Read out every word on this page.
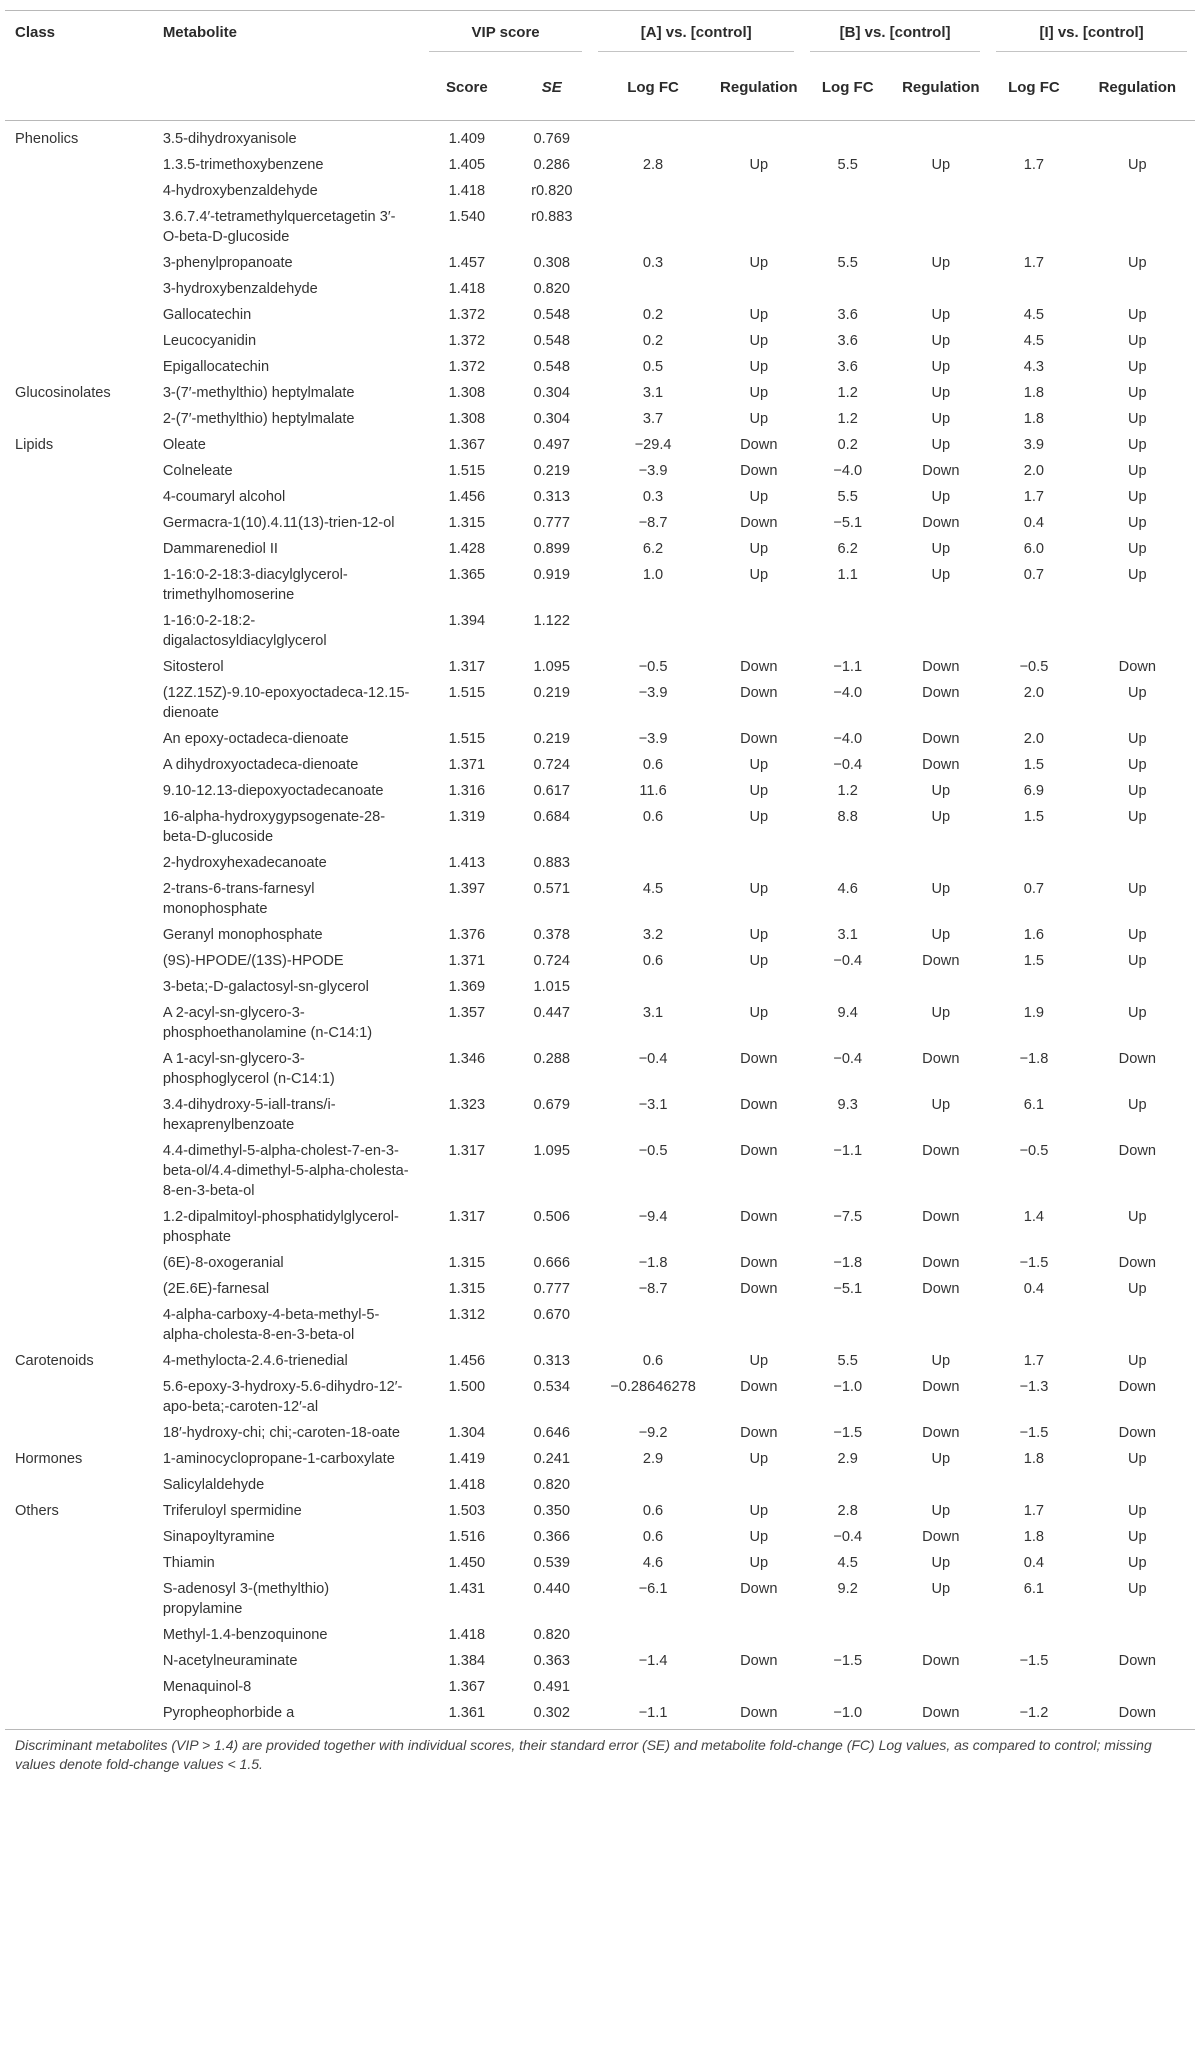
Class	Metabolite	VIP score		[A] vs. [control]		[B] vs. [control]		[I] vs. [control]	

		Score	SE	Log FC	Regulation	Log FC	Regulation	Log FC	Regulation
Phenolics	3.5-dihydroxyanisole	1.409	0.769						
	1.3.5-trimethoxybenzene	1.405	0.286	2.8	Up	5.5	Up	1.7	Up
	4-hydroxybenzaldehyde	1.418	r0.820						
	3.6.7.4′-tetramethylquercetagetin 3′-O-beta-D-glucoside	1.540	r0.883						
	3-phenylpropanoate	1.457	0.308	0.3	Up	5.5	Up	1.7	Up
	3-hydroxybenzaldehyde	1.418	0.820						
	Gallocatechin	1.372	0.548	0.2	Up	3.6	Up	4.5	Up
	Leucocyanidin	1.372	0.548	0.2	Up	3.6	Up	4.5	Up
	Epigallocatechin	1.372	0.548	0.5	Up	3.6	Up	4.3	Up
Glucosinolates	3-(7′-methylthio) heptylmalate	1.308	0.304	3.1	Up	1.2	Up	1.8	Up
	2-(7′-methylthio) heptylmalate	1.308	0.304	3.7	Up	1.2	Up	1.8	Up
Lipids	Oleate	1.367	0.497	−29.4	Down	0.2	Up	3.9	Up
	Colneleate	1.515	0.219	−3.9	Down	−4.0	Down	2.0	Up
	4-coumaryl alcohol	1.456	0.313	0.3	Up	5.5	Up	1.7	Up
	Germacra-1(10).4.11(13)-trien-12-ol	1.315	0.777	−8.7	Down	−5.1	Down	0.4	Up
	Dammarenediol II	1.428	0.899	6.2	Up	6.2	Up	6.0	Up
	1-16:0-2-18:3-diacylglycerol-trimethylhomoserine	1.365	0.919	1.0	Up	1.1	Up	0.7	Up
	1-16:0-2-18:2-digalactosyldiacylglycerol	1.394	1.122						
	Sitosterol	1.317	1.095	−0.5	Down	−1.1	Down	−0.5	Down
	(12Z.15Z)-9.10-epoxyoctadeca-12.15-dienoate	1.515	0.219	−3.9	Down	−4.0	Down	2.0	Up
	An epoxy-octadeca-dienoate	1.515	0.219	−3.9	Down	−4.0	Down	2.0	Up
	A dihydroxyoctadeca-dienoate	1.371	0.724	0.6	Up	−0.4	Down	1.5	Up
	9.10-12.13-diepoxyoctadecanoate	1.316	0.617	11.6	Up	1.2	Up	6.9	Up
	16-alpha-hydroxygypsogenate-28-beta-D-glucoside	1.319	0.684	0.6	Up	8.8	Up	1.5	Up
	2-hydroxyhexadecanoate	1.413	0.883						
	2-trans-6-trans-farnesyl monophosphate	1.397	0.571	4.5	Up	4.6	Up	0.7	Up
	Geranyl monophosphate	1.376	0.378	3.2	Up	3.1	Up	1.6	Up
	(9S)-HPODE/(13S)-HPODE	1.371	0.724	0.6	Up	−0.4	Down	1.5	Up
	3-beta;-D-galactosyl-sn-glycerol	1.369	1.015						
	A 2-acyl-sn-glycero-3-phosphoethanolamine (n-C14:1)	1.357	0.447	3.1	Up	9.4	Up	1.9	Up
	A 1-acyl-sn-glycero-3-phosphoglycerol (n-C14:1)	1.346	0.288	−0.4	Down	−0.4	Down	−1.8	Down
	3.4-dihydroxy-5-iall-trans/i-hexaprenylbenzoate	1.323	0.679	−3.1	Down	9.3	Up	6.1	Up
	4.4-dimethyl-5-alpha-cholest-7-en-3-beta-ol/4.4-dimethyl-5-alpha-cholesta-8-en-3-beta-ol	1.317	1.095	−0.5	Down	−1.1	Down	−0.5	Down
	1.2-dipalmitoyl-phosphatidylglycerol-phosphate	1.317	0.506	−9.4	Down	−7.5	Down	1.4	Up
	(6E)-8-oxogeranial	1.315	0.666	−1.8	Down	−1.8	Down	−1.5	Down
	(2E.6E)-farnesal	1.315	0.777	−8.7	Down	−5.1	Down	0.4	Up
	4-alpha-carboxy-4-beta-methyl-5-alpha-cholesta-8-en-3-beta-ol	1.312	0.670						
Carotenoids	4-methylocta-2.4.6-trienedial	1.456	0.313	0.6	Up	5.5	Up	1.7	Up
	5.6-epoxy-3-hydroxy-5.6-dihydro-12′-apo-beta;-caroten-12′-al	1.500	0.534	−0.28646278	Down	−1.0	Down	−1.3	Down
	18′-hydroxy-chi; chi;-caroten-18-oate	1.304	0.646	−9.2	Down	−1.5	Down	−1.5	Down
Hormones	1-aminocyclopropane-1-carboxylate	1.419	0.241	2.9	Up	2.9	Up	1.8	Up
	Salicylaldehyde	1.418	0.820						
Others	Triferuloyl spermidine	1.503	0.350	0.6	Up	2.8	Up	1.7	Up
	Sinapoyltyramine	1.516	0.366	0.6	Up	−0.4	Down	1.8	Up
	Thiamin	1.450	0.539	4.6	Up	4.5	Up	0.4	Up
	S-adenosyl 3-(methylthio) propylamine	1.431	0.440	−6.1	Down	9.2	Up	6.1	Up
	Methyl-1.4-benzoquinone	1.418	0.820						
	N-acetylneuraminate	1.384	0.363	−1.4	Down	−1.5	Down	−1.5	Down
	Menaquinol-8	1.367	0.491						
	Pyropheophorbide a	1.361	0.302	−1.1	Down	−1.0	Down	−1.2	Down
Discriminant metabolites (VIP > 1.4) are provided together with individual scores, their standard error (SE) and metabolite fold-change (FC) Log values, as compared to control; missing values denote fold-change values < 1.5.									
